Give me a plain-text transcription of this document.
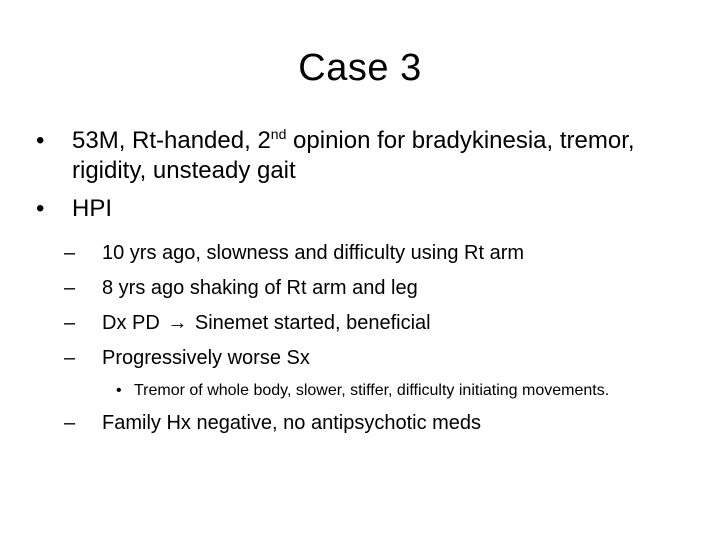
Case 3
•	53M, Rt-handed, 2nd opinion for bradykinesia, tremor, rigidity, unsteady gait
•	HPI
–	10 yrs ago, slowness and difficulty using Rt arm
–	8 yrs ago shaking of Rt arm and leg
–	Dx PD → Sinemet started, beneficial
–	Progressively worse Sx
• Tremor of whole body, slower, stiffer, difficulty initiating movements.
–	Family Hx negative, no antipsychotic meds
